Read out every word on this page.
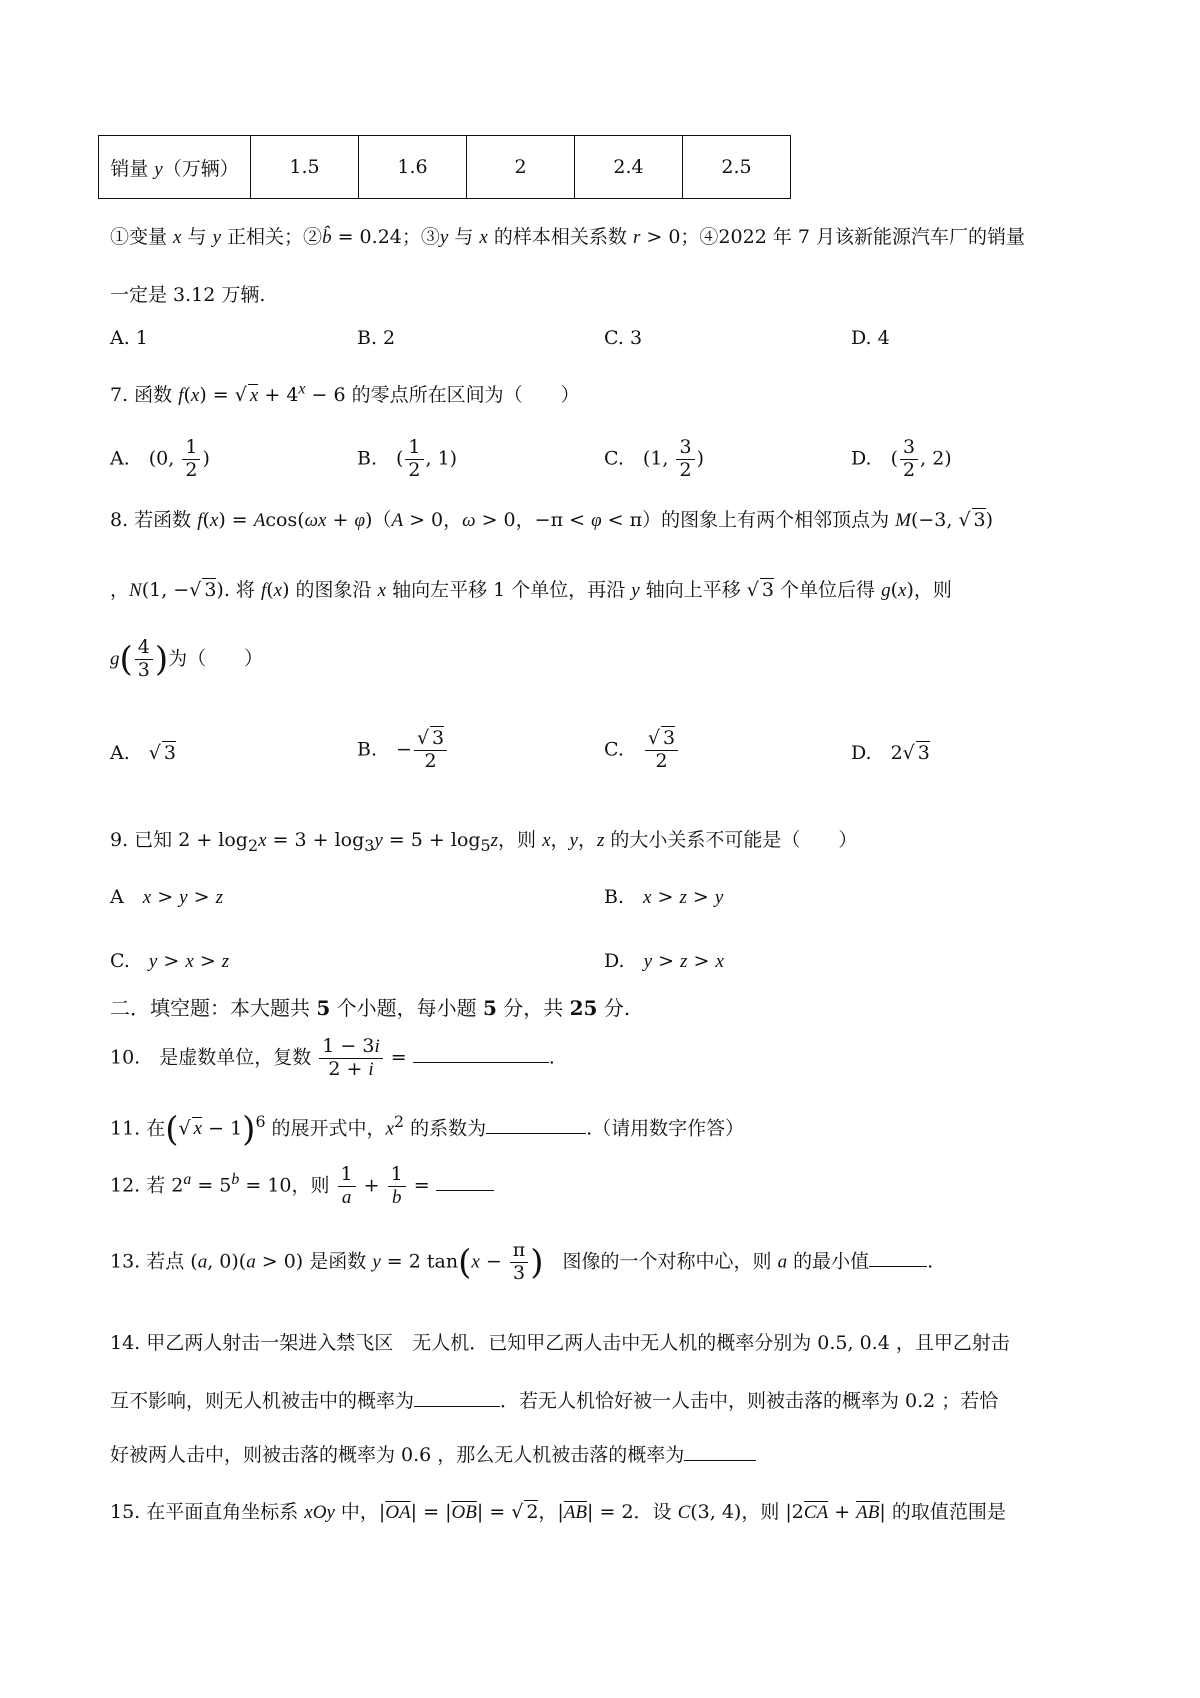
销量 y（万辆）	1.5	1.6	2	2.4	2.5
①变量 x 与 y 正相关；②b̂ = 0.24；③y 与 x 的样本相关系数 r > 0；④2022 年 7 月该新能源汽车厂的销量
一定是 3.12 万辆.
A. 1	B. 2	C. 3	D. 4
7. 函数 f(x) = √ $x + 4^x - 6$ 的零点所在区间为（　　）
A.　(0, $\frac{1}{2}$ )	B.　( $\frac{1}{2}$ , 1)	C.　(1, $\frac{3}{2}$ )	D.　( $\frac{3}{2}$ , 2)
8. 若函数 f(x) = Acos(ωx + φ)（A > 0，ω > 0，−π < φ < π）的图象上有两个相邻顶点为 M(−3, √ 3)
，N(1, −√ 3). 将 f(x) 的图象沿 x 轴向左平移 1 个单位，再沿 y 轴向上平移 √ 3 个单位后得 g(x)，则
$g( \frac{4}{3}$ )为（　　）
A.　√ 3	B.　− $\frac{√ 3}{2}$	C.　 $\frac{√ 3}{2}$	D.　2√ 3
9. 已知 $2 + \log_2x = 3 + \log_3y = 5 + \log_5z$，则 x，y，z 的大小关系不可能是（　　）
A　x > y > z	B.　x > z > y
C.　y > x > z	D.　y > z > x
二．填空题：本大题共 5 个小题，每小题 5 分，共 25 分.
10.　是虚数单位，复数 $\frac{1 - 3i}{2 + i}$ =	.
11. 在(√ x − 1)$^6$ 的展开式中，$x^2$ 的系数为	.（请用数字作答）
12. 若 $2^a = 5^b = 10$，则 $\frac{1}{a} + \frac{1}{b}$ =
13. 若点 (a, 0)(a > 0) 是函数 y = 2 $\tan(x - \frac{\pi}{3}$ )　图像的一个对称中心，则 a 的最小值	.
14. 甲乙两人射击一架进入禁飞区　无人机．已知甲乙两人击中无人机的概率分别为 0.5, 0.4 ，且甲乙射击
互不影响，则无人机被击中的概率为	．若无人机恰好被一人击中，则被击落的概率为 0.2 ；若恰
好被两人击中，则被击落的概率为 0.6 ，那么无人机被击落的概率为
15. 在平面直角坐标系 xOy 中，$|\overline{OA}| = |\overline{OB}|$ = √ 2，$|\overline{AB}| = 2$．设 C(3, 4)，则 $|2\overline{CA} + \overline{AB}|$ 的取值范围是
